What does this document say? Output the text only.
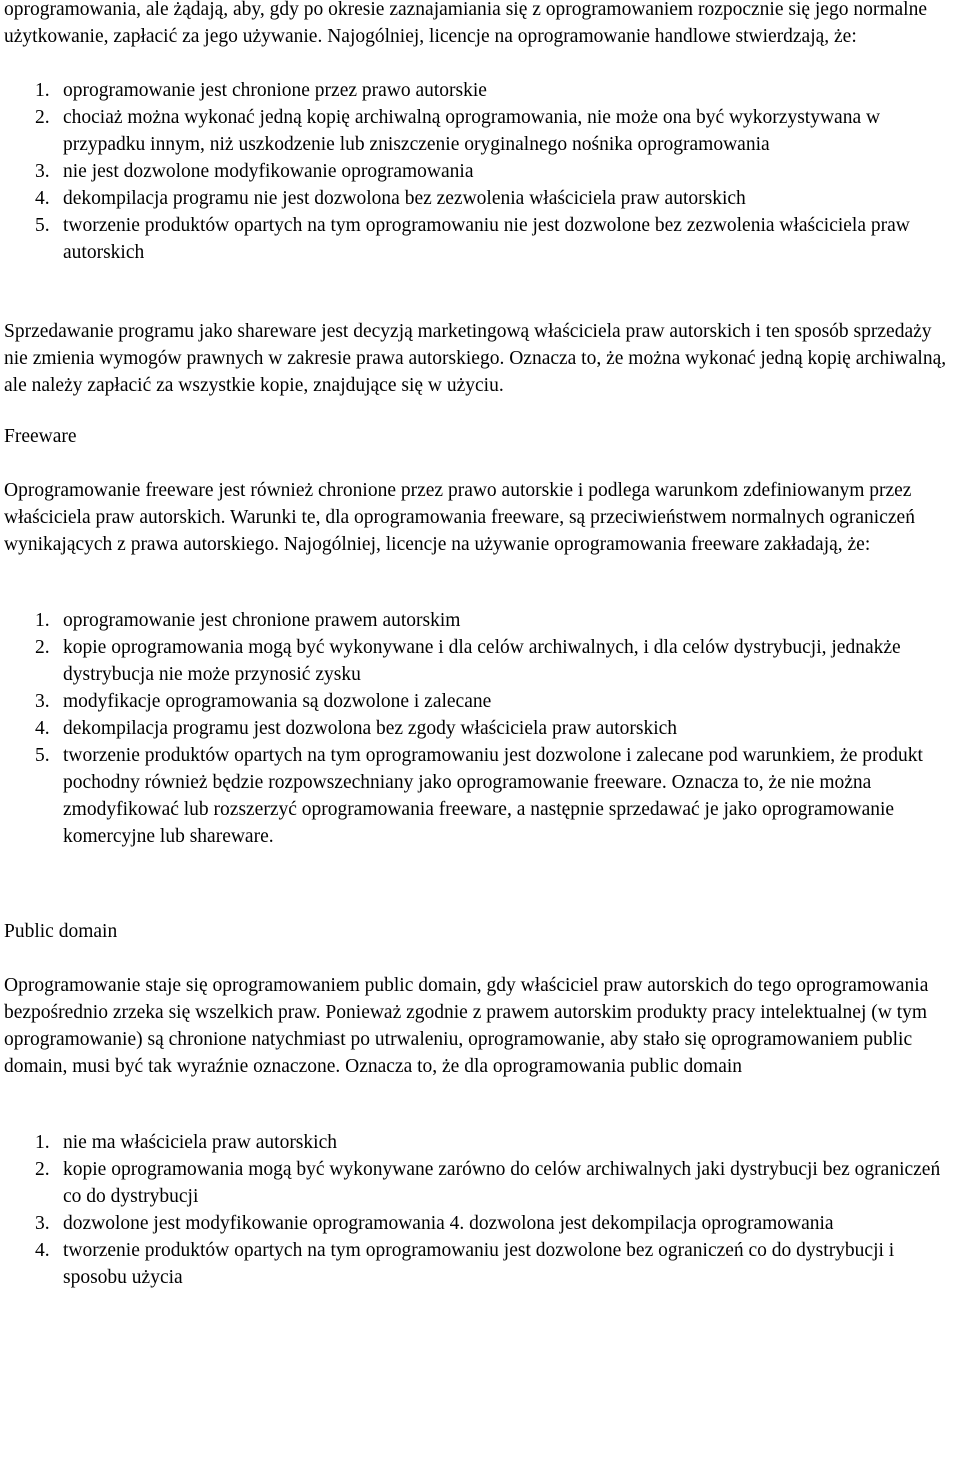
oprogramowania, ale żądają, aby, gdy po okresie zaznajamiania się z oprogramowaniem rozpocznie się jego normalne użytkowanie, zapłacić za jego używanie. Najogólniej, licencje na oprogramowanie handlowe stwierdzają, że:

1. oprogramowanie jest chronione przez prawo autorskie
2. chociaż można wykonać jedną kopię archiwalną oprogramowania, nie może ona być wykorzystywana w przypadku innym, niż uszkodzenie lub zniszczenie oryginalnego nośnika oprogramowania
3. nie jest dozwolone modyfikowanie oprogramowania
4. dekompilacja programu nie jest dozwolona bez zezwolenia właściciela praw autorskich
5. tworzenie produktów opartych na tym oprogramowaniu nie jest dozwolone bez zezwolenia właściciela praw autorskich

Sprzedawanie programu jako shareware jest decyzją marketingową właściciela praw autorskich i ten sposób sprzedaży nie zmienia wymogów prawnych w zakresie prawa autorskiego. Oznacza to, że można wykonać jedną kopię archiwalną, ale należy zapłacić za wszystkie kopie, znajdujące się w użyciu.

Freeware

Oprogramowanie freeware jest również chronione przez prawo autorskie i podlega warunkom zdefiniowanym przez właściciela praw autorskich. Warunki te, dla oprogramowania freeware, są przeciwieństwem normalnych ograniczeń wynikających z prawa autorskiego. Najogólniej, licencje na używanie oprogramowania freeware zakładają, że:

1. oprogramowanie jest chronione prawem autorskim
2. kopie oprogramowania mogą być wykonywane i dla celów archiwalnych, i dla celów dystrybucji, jednakże dystrybucja nie może przynosić zysku
3. modyfikacje oprogramowania są dozwolone i zalecane
4. dekompilacja programu jest dozwolona bez zgody właściciela praw autorskich
5. tworzenie produktów opartych na tym oprogramowaniu jest dozwolone i zalecane pod warunkiem, że produkt pochodny również będzie rozpowszechniany jako oprogramowanie freeware. Oznacza to, że nie można zmodyfikować lub rozszerzyć oprogramowania freeware, a następnie sprzedawać je jako oprogramowanie komercyjne lub shareware.

Public domain

Oprogramowanie staje się oprogramowaniem public domain, gdy właściciel praw autorskich do tego oprogramowania bezpośrednio zrzeka się wszelkich praw. Ponieważ zgodnie z prawem autorskim produkty pracy intelektualnej (w tym oprogramowanie) są chronione natychmiast po utrwaleniu, oprogramowanie, aby stało się oprogramowaniem public domain, musi być tak wyraźnie oznaczone. Oznacza to, że dla oprogramowania public domain

1. nie ma właściciela praw autorskich
2. kopie oprogramowania mogą być wykonywane zarówno do celów archiwalnych jaki dystrybucji bez ograniczeń co do dystrybucji
3. dozwolone jest modyfikowanie oprogramowania 4. dozwolona jest dekompilacja oprogramowania
4. tworzenie produktów opartych na tym oprogramowaniu jest dozwolone bez ograniczeń co do dystrybucji i sposobu użycia
